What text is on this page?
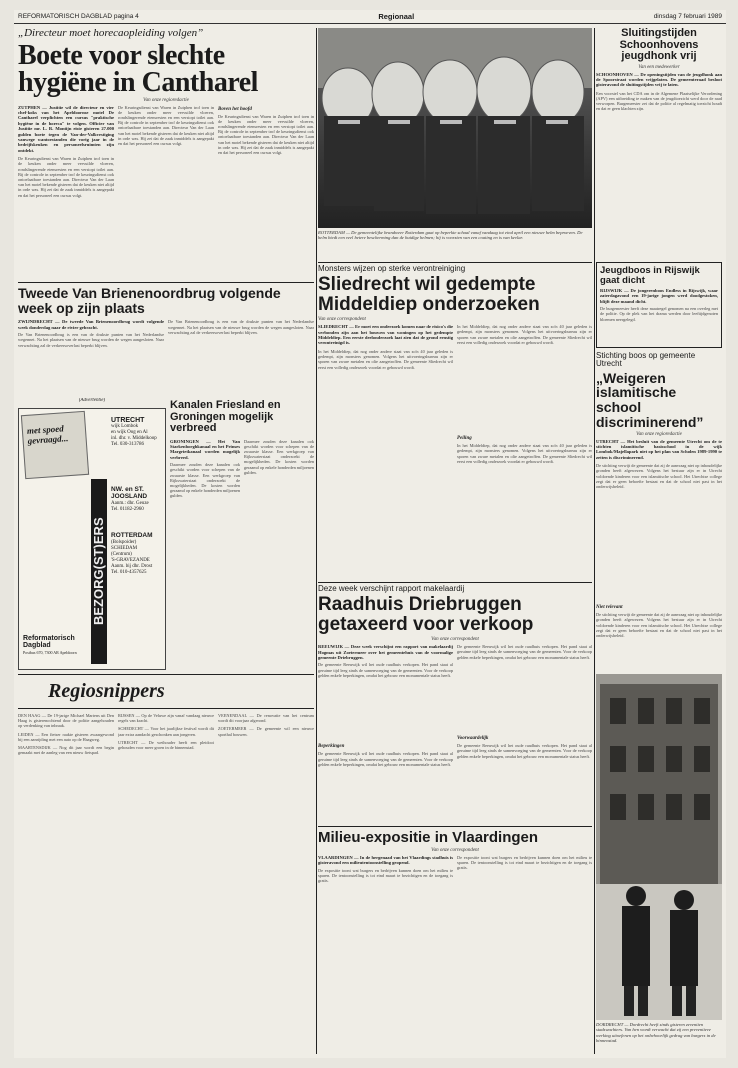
REFORMATORISCH DAGBLAD pagina 4	Regionaal	dinsdag 7 februari 1989
„Directeur moet horecaopleiding volgen”
Boete voor slechte hygiëne in Cantharel
Van onze regioredactie
ZUTPHEN — Justitie wil de directeur en vier chef-koks van het Apeldoornse motel De Cantharel verplichten een cursus "praktische hygiëne in de horeca" te volgen. Officier van Justitie mr. L. R. Montijn eiste gisteren 27.000 gulden boete tegen de Van-der-Valkvestiging vanwege wantoestanden die vorig jaar in de bedrijfskeuken en personeelsruimten zijn ontdekt.
De Keuringsdienst van Waren in Zutphen trof toen in de keuken onder meer vervuilde vloeren, rondslingerende etensresten en een verstopt toilet aan. Bij de controle in september trof de keuringsdienst ook ontoelaatbare toestanden aan. Directeur Van der Laan van het motel bekende gisteren dat de keuken niet altijd in orde was. Hij zei dat de zaak inmiddels is aangepakt en dat het personeel een cursus volgt.
De Keuringsdienst van Waren in Zutphen trof toen in de keuken onder meer vervuilde vloeren, rondslingerende etensresten en een verstopt toilet aan. Bij de controle in september trof de keuringsdienst ook ontoelaatbare toestanden aan. Directeur Van der Laan van het motel bekende gisteren dat de keuken niet altijd in orde was. Hij zei dat de zaak inmiddels is aangepakt en dat het personeel een cursus volgt.
Boven het hoofd
De Keuringsdienst van Waren in Zutphen trof toen in de keuken onder meer vervuilde vloeren, rondslingerende etensresten en een verstopt toilet aan. Bij de controle in september trof de keuringsdienst ook ontoelaatbare toestanden aan. Directeur Van der Laan van het motel bekende gisteren dat de keuken niet altijd in orde was. Hij zei dat de zaak inmiddels is aangepakt en dat het personeel een cursus volgt.
ROTTERDAM — De gemeentelijke brandweer Rotterdam gaat op beperkte schaal vanaf vandaag tot eind april een nieuwe helm beproeven. De helm biedt een veel betere bescherming dan de huidige helmen; hij is voorzien van een coating en is van kevlar.
Sluitingstijden Schoonhovens jeugdhonk vrij
Van een medewerker
SCHOONHOVEN — De openingstijden van de jeugdhonk aan de Spoorstraat worden vrijgelaten. De gemeenteraad besloot gisteravond de sluitingstijden vrij te laten.
Een voorstel van het CDA om in de Algemene Plaatselijke Verordening (APV) een uitbreiding te maken van de jeugdtoezicht werd door de raad verworpen. Burgemeester zei dat de politie al regelmatig toezicht houdt en dat er geen klachten zijn.
Monsters wijzen op sterke verontreiniging
Sliedrecht wil gedempte Middeldiep onderzoeken
Van onze correspondent
SLIEDRECHT — Er moet een onderzoek komen naar de risico's die verbonden zijn aan het bouwen van woningen op het gedempte Middeldiep. Een eerste deelonderzoek laat zien dat de grond ernstig verontreinigd is.
In het Middeldiep, dat nog onder andere staat van zo'n 40 jaar geleden is gedempt, zijn monsters genomen. Volgens het uitvoeringsbureau zijn er sporen van zware metalen en olie aangetroffen. De gemeente Sliedrecht wil eerst een volledig onderzoek voordat er gebouwd wordt.
In het Middeldiep, dat nog onder andere staat van zo'n 40 jaar geleden is gedempt, zijn monsters genomen. Volgens het uitvoeringsbureau zijn er sporen van zware metalen en olie aangetroffen. De gemeente Sliedrecht wil eerst een volledig onderzoek voordat er gebouwd wordt.
Peiling
In het Middeldiep, dat nog onder andere staat van zo'n 40 jaar geleden is gedempt, zijn monsters genomen. Volgens het uitvoeringsbureau zijn er sporen van zware metalen en olie aangetroffen. De gemeente Sliedrecht wil eerst een volledig onderzoek voordat er gebouwd wordt.
Jeugdboos in Rijswijk gaat dicht
RIJSWIJK — De jongerenboos Endless in Rijswijk, waar zaterdagavond een 19-jarige jongen werd doodgestoken, blijft deze maand dicht.
De burgemeester heeft deze maatregel genomen na een overleg met de politie. Op de plek van het drama werden door leeftijdgenoten bloemen neergelegd.
Stichting boos op gemeente Utrecht
„Weigeren islamitische school discriminerend”
Van onze regioredactie
UTRECHT — Het besluit van de gemeente Utrecht om de te stichten islamitische basisschool in de wijk Lombok/Majellapark niet op het plan van Scholen 1989-1990 te zetten is discriminerend.
De stichting verwijt de gemeente dat zij de aanvraag niet op inhoudelijke gronden heeft afgewezen. Volgens het bestuur zijn er in Utrecht voldoende kinderen voor een islamitische school. Het Utrechtse college zegt dat er geen behoefte bestaat en dat de school niet past in het onderwijsbeleid.
Niet relevant
De stichting verwijt de gemeente dat zij de aanvraag niet op inhoudelijke gronden heeft afgewezen. Volgens het bestuur zijn er in Utrecht voldoende kinderen voor een islamitische school. Het Utrechtse college zegt dat er geen behoefte bestaat en dat de school niet past in het onderwijsbeleid.
Tweede Van Brienenoordbrug volgende week op zijn plaats
ZWIJNDRECHT — De tweede Van Brienenoordbrug wordt volgende week donderdag naar de rivier gebracht.
De Van Brienenoordbrug is een van de drukste punten van het Nederlandse wegennet. Na het plaatsen van de nieuwe brug worden de wegen aangesloten. Naar verwachting zal de verkeersoverlast beperkt blijven.
De Van Brienenoordbrug is een van de drukste punten van het Nederlandse wegennet. Na het plaatsen van de nieuwe brug worden de wegen aangesloten. Naar verwachting zal de verkeersoverlast beperkt blijven.
(Advertentie)
met spoed gevraagd...
BEZORG(ST)ERS
UTRECHT
wijk Lombok
en wijk Oog en Al
inl. dhr. v. Middelkoop
Tel. 030-313786
NW. en ST. JOOSLAND
Aanm.: dhr. Geuze
Tel. 01182-2960
ROTTERDAM
(Bolspoider)
SCHIEDAM
(Centrum)
'S-GRAVEZANDE
Aanm. bij dhr. Drost
Tel. 010-4357625
Reformatorisch Dagblad
Postbus 670, 7300 AR Apeldoorn
Kanalen Friesland en Groningen mogelijk verbreed
GRONINGEN — Het Van Starkenborghkanaal en het Prinses Margrietkanaal worden mogelijk verbreed.
Daarmee zouden deze kanalen ook geschikt worden voor schepen van de zwaarste klasse. Een werkgroep van Rijkswaterstaat onderzoekt de mogelijkheden. De kosten worden geraamd op enkele honderden miljoenen gulden.
Daarmee zouden deze kanalen ook geschikt worden voor schepen van de zwaarste klasse. Een werkgroep van Rijkswaterstaat onderzoekt de mogelijkheden. De kosten worden geraamd op enkele honderden miljoenen gulden.
Regiosnippers
DEN HAAG — De 19-jarige Michael Martens uit Den Haag is gisterenochtend door de politie aangehouden op verdenking van inbraak.
LEIDEN — Een fietser raakte gisteren zwaargewond bij een aanrijding met een auto op de Haagweg.
MAARTENSDIJK — Nog dit jaar wordt een begin gemaakt met de aanleg van een nieuw fietspad.
RIJSSEN — Op de Veluwe zijn vanaf vandaag nieuwe regels van kracht.
SCHEDECHT — Voor het jaarlijkse festival wordt dit jaar extra aandacht geschonken aan jongeren.
UTRECHT — De wethouder heeft een pleidooi gehouden voor meer groen in de binnenstad.
VEENENDAAL — De renovatie van het centrum wordt dit voorjaar afgerond.
ZOETERMEER — De gemeente wil een nieuwe sporthal bouwen.
Deze week verschijnt rapport makelaardij
Raadhuis Driebruggen getaxeerd voor verkoop
Van onze correspondent
REEUWIJK — Deze week verschijnt een rapport van makelaardij Hogmas uit Zoetermeer over het gemeentehuis van de voormalige gemeente Driebruggen.
De gemeente Reeuwijk wil het oude raadhuis verkopen. Het pand staat al geruime tijd leeg sinds de samenvoeging van de gemeenten. Voor de verkoop gelden enkele beperkingen, omdat het gebouw een monumentale status heeft.
Beperkingen
De gemeente Reeuwijk wil het oude raadhuis verkopen. Het pand staat al geruime tijd leeg sinds de samenvoeging van de gemeenten. Voor de verkoop gelden enkele beperkingen, omdat het gebouw een monumentale status heeft.
De gemeente Reeuwijk wil het oude raadhuis verkopen. Het pand staat al geruime tijd leeg sinds de samenvoeging van de gemeenten. Voor de verkoop gelden enkele beperkingen, omdat het gebouw een monumentale status heeft.
Voorwaardelijk
De gemeente Reeuwijk wil het oude raadhuis verkopen. Het pand staat al geruime tijd leeg sinds de samenvoeging van de gemeenten. Voor de verkoop gelden enkele beperkingen, omdat het gebouw een monumentale status heeft.
Milieu-expositie in Vlaardingen
Van onze correspondent
VLAARDINGEN — In de hergenaad van het Vlaardings stadhuis is gisteravond een milieutentoonstelling geopend.
De expositie toont wat burgers en bedrijven kunnen doen om het milieu te sparen. De tentoonstelling is tot eind maart te bezichtigen en de toegang is gratis.
De expositie toont wat burgers en bedrijven kunnen doen om het milieu te sparen. De tentoonstelling is tot eind maart te bezichtigen en de toegang is gratis.
DORDRECHT — Dordrecht heeft sinds gisteren zeventien stadswachters. Van hen wordt verwacht dat zij een preventieve werking uitoefenen op het onbehoorlijk gedrag van burgers in de binnenstad.
